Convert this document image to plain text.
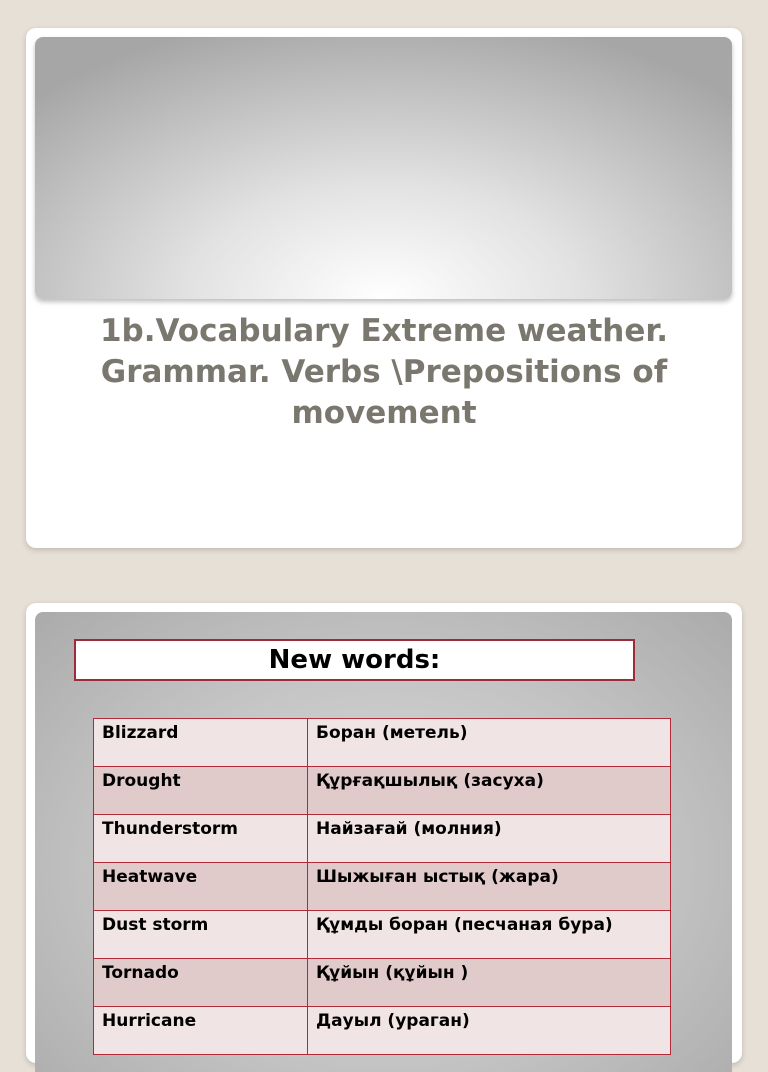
1b.Vocabulary Extreme weather. Grammar. Verbs \Prepositions of movement
New words:
Blizzard	Боран (метель)
Drought	Құрғақшылық (засуха)
Thunderstorm	Найзағай (молния)
Heatwave	Шыжыған ыстық (жара)
Dust storm	Құмды боран (песчаная бура)
Tornado	Құйын (құйын )
Hurricane	Дауыл (ураган)
